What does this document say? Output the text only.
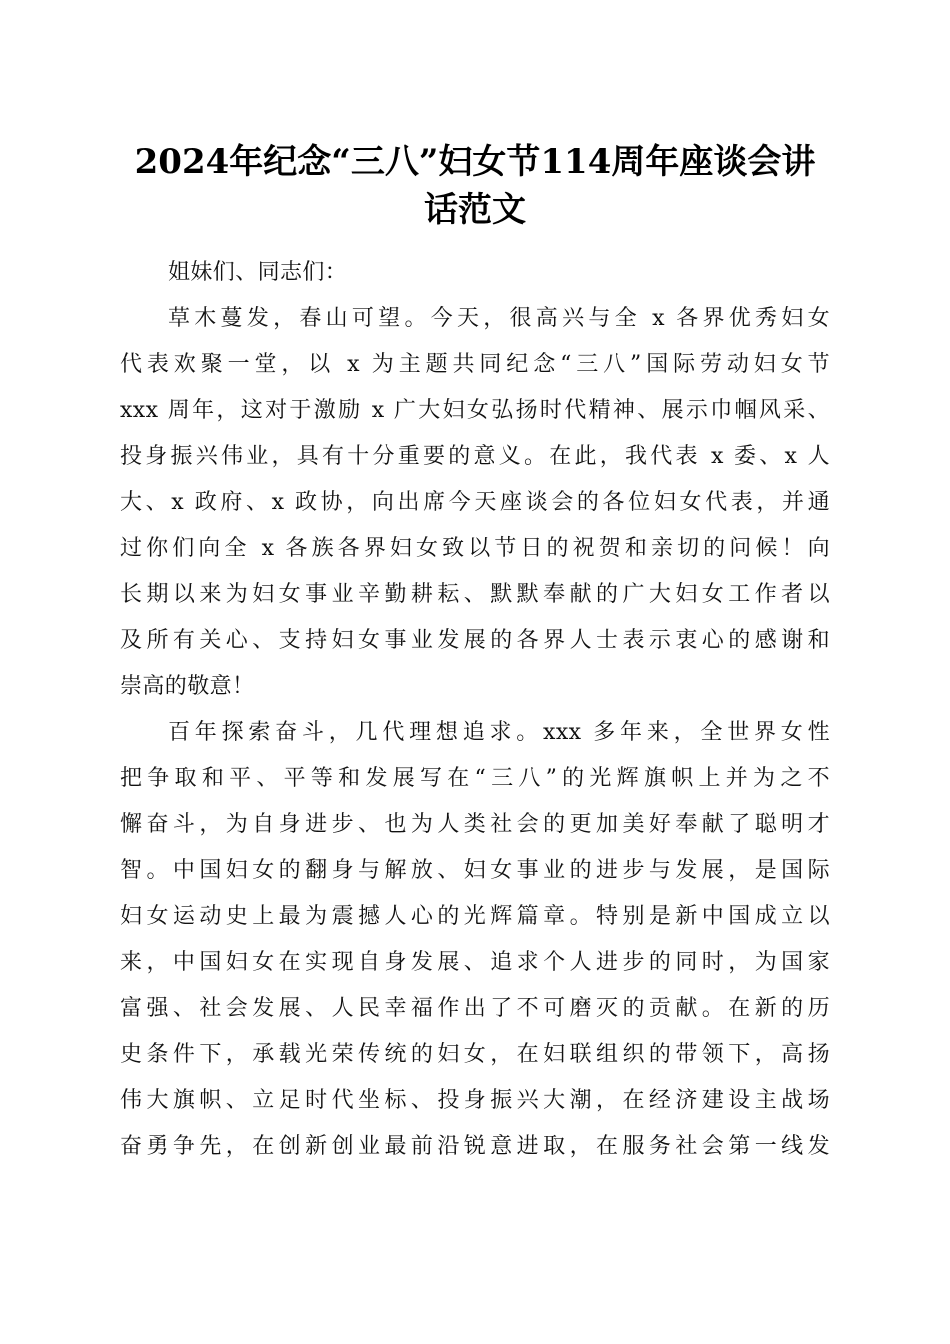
2024年纪念“三八”妇女节114周年座谈会讲
话范文
姐妹们、同志们：
草木蔓发，春山可望。今天，很高兴与全 x 各界优秀妇女
代表欢聚一堂，以 x 为主题共同纪念“三八”国际劳动妇女节
xxx 周年，这对于激励 x 广大妇女弘扬时代精神、展示巾帼风采、
投身振兴伟业，具有十分重要的意义。在此，我代表 x 委、x 人
大、x 政府、x 政协，向出席今天座谈会的各位妇女代表，并通
过你们向全 x 各族各界妇女致以节日的祝贺和亲切的问候！向
长期以来为妇女事业辛勤耕耘、默默奉献的广大妇女工作者以
及所有关心、支持妇女事业发展的各界人士表示衷心的感谢和
崇高的敬意！
百年探索奋斗，几代理想追求。xxx 多年来，全世界女性
把争取和平、平等和发展写在“三八”的光辉旗帜上并为之不
懈奋斗，为自身进步、也为人类社会的更加美好奉献了聪明才
智。中国妇女的翻身与解放、妇女事业的进步与发展，是国际
妇女运动史上最为震撼人心的光辉篇章。特别是新中国成立以
来，中国妇女在实现自身发展、追求个人进步的同时，为国家
富强、社会发展、人民幸福作出了不可磨灭的贡献。在新的历
史条件下，承载光荣传统的妇女，在妇联组织的带领下，高扬
伟大旗帜、立足时代坐标、投身振兴大潮，在经济建设主战场
奋勇争先，在创新创业最前沿锐意进取，在服务社会第一线发
